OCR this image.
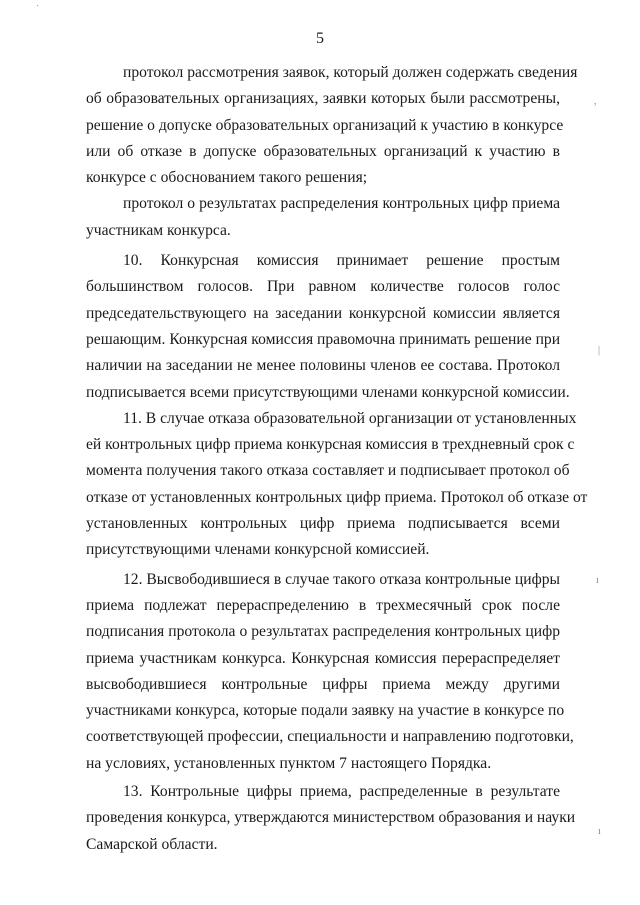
5
протокол рассмотрения заявок, который должен содержать сведения
об образовательных организациях, заявки которых были рассмотрены,
решение о допуске образовательных организаций к участию в конкурсе
или об отказе в допуске образовательных организаций к участию в
конкурсе с обоснованием такого решения;
протокол о результатах распределения контрольных цифр приема
участникам конкурса.
10. Конкурсная комиссия принимает решение простым
большинством голосов. При равном количестве голосов голос
председательствующего на заседании конкурсной комиссии является
решающим. Конкурсная комиссия правомочна принимать решение при
наличии на заседании не менее половины членов ее состава. Протокол
подписывается всеми присутствующими членами конкурсной комиссии.
11. В случае отказа образовательной организации от установленных
ей контрольных цифр приема конкурсная комиссия в трехдневный срок с
момента получения такого отказа составляет и подписывает протокол об
отказе от установленных контрольных цифр приема. Протокол об отказе от
установленных контрольных цифр приема подписывается всеми
присутствующими членами конкурсной комиссией.
12. Высвободившиеся в случае такого отказа контрольные цифры
приема подлежат перераспределению в трехмесячный срок после
подписания протокола о результатах распределения контрольных цифр
приема участникам конкурса. Конкурсная комиссия перераспределяет
высвободившиеся контрольные цифры приема между другими
участниками конкурса, которые подали заявку на участие в конкурсе по
соответствующей профессии, специальности и направлению подготовки,
на условиях, установленных пунктом 7 настоящего Порядка.
13. Контрольные цифры приема, распределенные в результате
проведения конкурса, утверждаются министерством образования и науки
Самарской области.
˙
,
|
ı
ı
